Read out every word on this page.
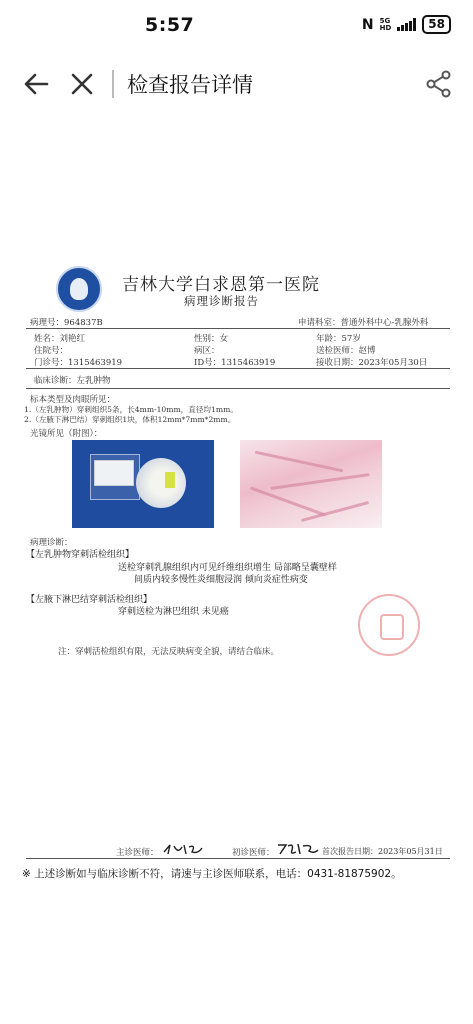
5:57	N 5G
HD	58
检查报告详情
吉林大学白求恩第一医院
病理诊断报告
病理号：964837B	申请科室：普通外科中心-乳腺外科
姓名：刘艳红	性别：女	年龄：57岁
住院号：	病区：	送检医师：赵博
门诊号：1315463919	ID号：1315463919	接收日期：2023年05月30日
临床诊断：左乳肿物
标本类型及肉眼所见：
1.（左乳肿物）穿刺组织5条，长4mm-10mm，直径均1mm。
2.（左腋下淋巴结）穿刺组织1块，体积12mm*7mm*2mm。
光镜所见（附图）：
病理诊断：
【左乳肿物穿刺活检组织】
送检穿刺乳腺组织内可见纤维组织增生 局部略呈囊壁样
间质内较多慢性炎细胞浸润 倾向炎症性病变
【左腋下淋巴结穿刺活检组织】
穿刺送检为淋巴组织 未见癌
注：穿刺活检组织有限，无法反映病变全貌，请结合临床。
主诊医师：	初诊医师：	首次报告日期：2023年05月31日
※ 上述诊断如与临床诊断不符，请速与主诊医师联系，电话：0431-81875902。
